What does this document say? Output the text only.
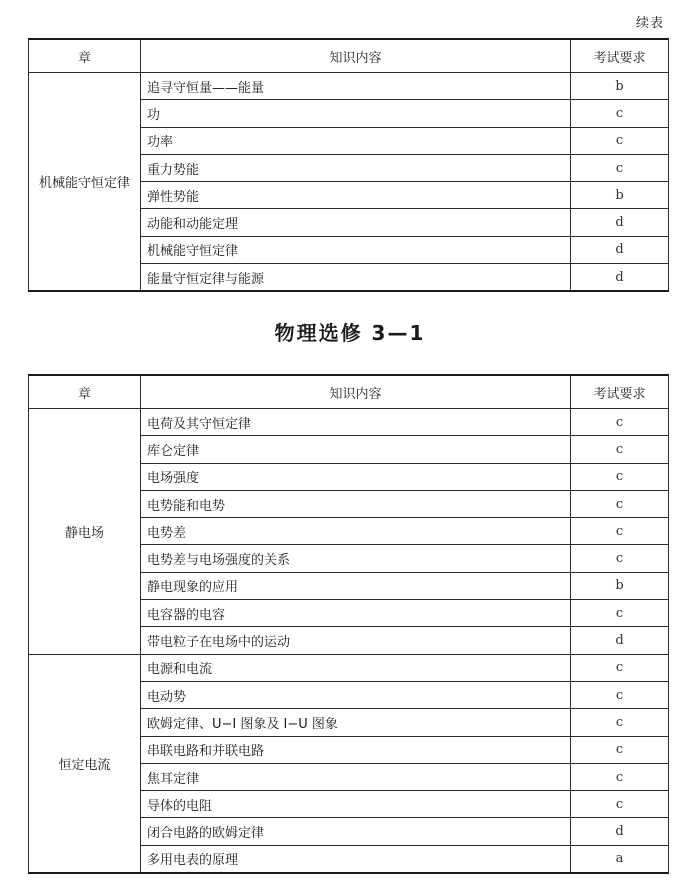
续表
章	知识内容	考试要求
机械能守恒定律	追寻守恒量——能量	b
	功	c
	功率	c
	重力势能	c
	弹性势能	b
	动能和动能定理	d
	机械能守恒定律	d
	能量守恒定律与能源	d
物理选修 3—1
章	知识内容	考试要求
静电场	电荷及其守恒定律	c
	库仑定律	c
	电场强度	c
	电势能和电势	c
	电势差	c
	电势差与电场强度的关系	c
	静电现象的应用	b
	电容器的电容	c
	带电粒子在电场中的运动	d
恒定电流	电源和电流	c
	电动势	c
	欧姆定律、U−I 图象及 I−U 图象	c
	串联电路和并联电路	c
	焦耳定律	c
	导体的电阻	c
	闭合电路的欧姆定律	d
	多用电表的原理	a
